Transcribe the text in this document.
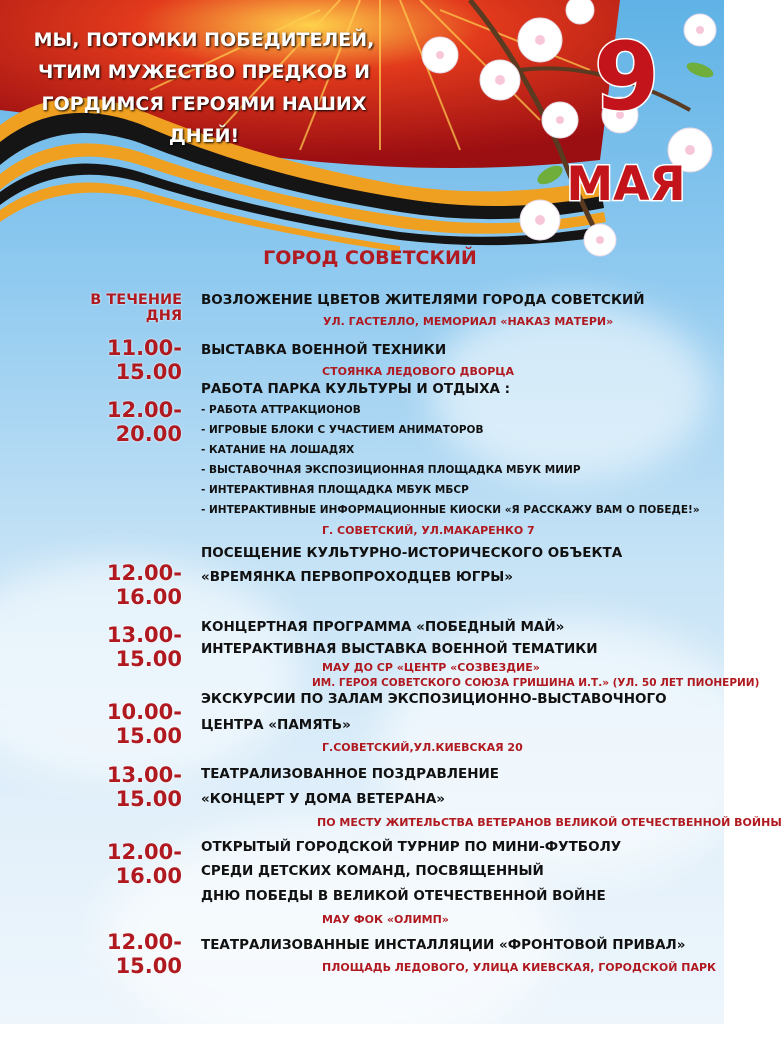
МЫ, ПОТОМКИ ПОБЕДИТЕЛЕЙ,
ЧТИМ МУЖЕСТВО ПРЕДКОВ И
ГОРДИМСЯ ГЕРОЯМИ НАШИХ ДНЕЙ!
9
МАЯ
ГОРОД СОВЕТСКИЙ
В ТЕЧЕНИЕ ДНЯ
ВОЗЛОЖЕНИЕ ЦВЕТОВ ЖИТЕЛЯМИ ГОРОДА СОВЕТСКИЙ
УЛ. ГАСТЕЛЛО, МЕМОРИАЛ «НАКАЗ МАТЕРИ»
11.00-15.00
ВЫСТАВКА ВОЕННОЙ ТЕХНИКИ
СТОЯНКА ЛЕДОВОГО ДВОРЦА
12.00-20.00
РАБОТА ПАРКА КУЛЬТУРЫ И ОТДЫХА :
- РАБОТА АТТРАКЦИОНОВ
- ИГРОВЫЕ БЛОКИ С УЧАСТИЕМ АНИМАТОРОВ
- КАТАНИЕ НА ЛОШАДЯХ
- ВЫСТАВОЧНАЯ ЭКСПОЗИЦИОННАЯ ПЛОЩАДКА МБУК МИИР
- ИНТЕРАКТИВНАЯ ПЛОЩАДКА МБУК МБСР
- ИНТЕРАКТИВНЫЕ ИНФОРМАЦИОННЫЕ КИОСКИ «Я РАССКАЖУ ВАМ О ПОБЕДЕ!»
Г. СОВЕТСКИЙ, УЛ.МАКАРЕНКО 7
12.00-16.00
ПОСЕЩЕНИЕ КУЛЬТУРНО-ИСТОРИЧЕСКОГО ОБЪЕКТА
«ВРЕМЯНКА ПЕРВОПРОХОДЦЕВ ЮГРЫ»
13.00-15.00
КОНЦЕРТНАЯ ПРОГРАММА «ПОБЕДНЫЙ МАЙ»
ИНТЕРАКТИВНАЯ ВЫСТАВКА ВОЕННОЙ ТЕМАТИКИ
МАУ ДО СР «ЦЕНТР «СОЗВЕЗДИЕ»
ИМ. ГЕРОЯ СОВЕТСКОГО СОЮЗА ГРИШИНА И.Т.» (УЛ. 50 ЛЕТ ПИОНЕРИИ)
10.00-15.00
ЭКСКУРСИИ ПО ЗАЛАМ ЭКСПОЗИЦИОННО-ВЫСТАВОЧНОГО
ЦЕНТРА «ПАМЯТЬ»
Г.СОВЕТСКИЙ,УЛ.КИЕВСКАЯ 20
13.00-15.00
ТЕАТРАЛИЗОВАННОЕ ПОЗДРАВЛЕНИЕ
«КОНЦЕРТ У ДОМА ВЕТЕРАНА»
ПО МЕСТУ ЖИТЕЛЬСТВА ВЕТЕРАНОВ ВЕЛИКОЙ ОТЕЧЕСТВЕННОЙ ВОЙНЫ
12.00-16.00
ОТКРЫТЫЙ ГОРОДСКОЙ ТУРНИР ПО МИНИ-ФУТБОЛУ
СРЕДИ ДЕТСКИХ КОМАНД, ПОСВЯЩЕННЫЙ
ДНЮ ПОБЕДЫ В ВЕЛИКОЙ ОТЕЧЕСТВЕННОЙ ВОЙНЕ
МАУ ФОК «ОЛИМП»
12.00-15.00
ТЕАТРАЛИЗОВАННЫЕ ИНСТАЛЛЯЦИИ «ФРОНТОВОЙ ПРИВАЛ»
ПЛОЩАДЬ ЛЕДОВОГО, УЛИЦА КИЕВСКАЯ, ГОРОДСКОЙ ПАРК
